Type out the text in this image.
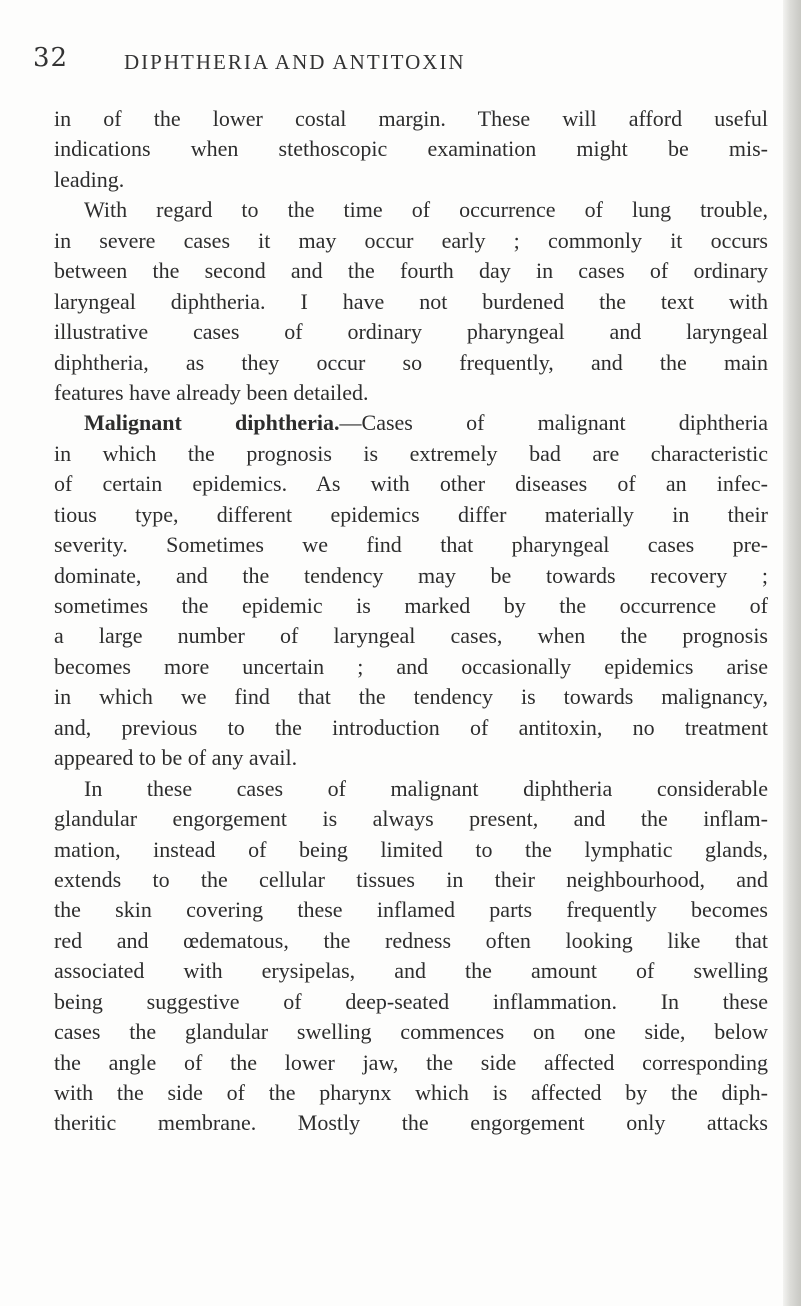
32	DIPHTHERIA AND ANTITOXIN
in of the lower costal margin. These will afford useful
indications when stethoscopic examination might be mis-
leading.
With regard to the time of occurrence of lung trouble,
in severe cases it may occur early ; commonly it occurs
between the second and the fourth day in cases of ordinary
laryngeal diphtheria. I have not burdened the text with
illustrative cases of ordinary pharyngeal and laryngeal
diphtheria, as they occur so frequently, and the main
features have already been detailed.
Malignant diphtheria.—Cases of malignant diphtheria
in which the prognosis is extremely bad are characteristic
of certain epidemics. As with other diseases of an infec-
tious type, different epidemics differ materially in their
severity. Sometimes we find that pharyngeal cases pre-
dominate, and the tendency may be towards recovery ;
sometimes the epidemic is marked by the occurrence of
a large number of laryngeal cases, when the prognosis
becomes more uncertain ; and occasionally epidemics arise
in which we find that the tendency is towards malignancy,
and, previous to the introduction of antitoxin, no treatment
appeared to be of any avail.
In these cases of malignant diphtheria considerable
glandular engorgement is always present, and the inflam-
mation, instead of being limited to the lymphatic glands,
extends to the cellular tissues in their neighbourhood, and
the skin covering these inflamed parts frequently becomes
red and œdematous, the redness often looking like that
associated with erysipelas, and the amount of swelling
being suggestive of deep-seated inflammation. In these
cases the glandular swelling commences on one side, below
the angle of the lower jaw, the side affected corresponding
with the side of the pharynx which is affected by the diph-
theritic membrane. Mostly the engorgement only attacks
